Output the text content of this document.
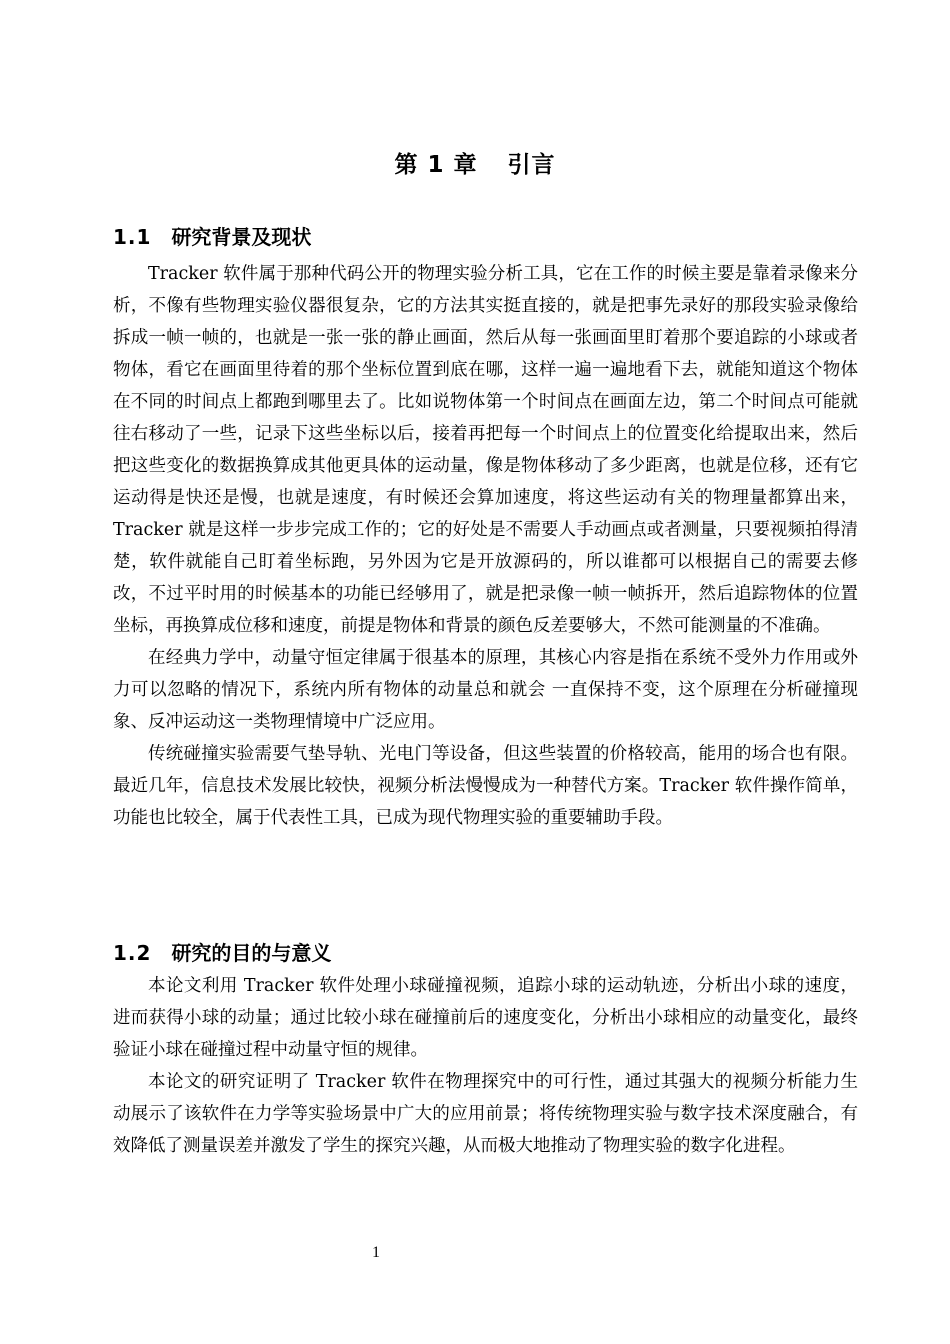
第 1 章 引言
1.1 研究背景及现状

Tracker 软件属于那种代码公开的物理实验分析工具，它在工作的时候主要是靠着录像来分析，不像有些物理实验仪器很复杂，它的方法其实挺直接的，就是把事先录好的那段实验录像给拆成一帧一帧的，也就是一张一张的静止画面，然后从每一张画面里盯着那个要追踪的小球或者物体，看它在画面里待着的那个坐标位置到底在哪，这样一遍一遍地看下去，就能知道这个物体在不同的时间点上都跑到哪里去了。比如说物体第一个时间点在画面左边，第二个时间点可能就往右移动了一些，记录下这些坐标以后，接着再把每一个时间点上的位置变化给提取出来，然后把这些变化的数据换算成其他更具体的运动量，像是物体移动了多少距离，也就是位移，还有它运动得是快还是慢，也就是速度，有时候还会算加速度，将这些运动有关的物理量都算出来，Tracker 就是这样一步步完成工作的；它的好处是不需要人手动画点或者测量，只要视频拍得清楚，软件就能自己盯着坐标跑，另外因为它是开放源码的，所以谁都可以根据自己的需要去修改，不过平时用的时候基本的功能已经够用了，就是把录像一帧一帧拆开，然后追踪物体的位置坐标，再换算成位移和速度，前提是物体和背景的颜色反差要够大，不然可能测量的不准确。

在经典力学中，动量守恒定律属于很基本的原理，其核心内容是指在系统不受外力作用或外力可以忽略的情况下，系统内所有物体的动量总和就会 一直保持不变，这个原理在分析碰撞现象、反冲运动这一类物理情境中广泛应用。

传统碰撞实验需要气垫导轨、光电门等设备，但这些装置的价格较高，能用的场合也有限。最近几年，信息技术发展比较快，视频分析法慢慢成为一种替代方案。Tracker 软件操作简单，功能也比较全，属于代表性工具，已成为现代物理实验的重要辅助手段。

1.2 研究的目的与意义

本论文利用 Tracker 软件处理小球碰撞视频，追踪小球的运动轨迹，分析出小球的速度，进而获得小球的动量；通过比较小球在碰撞前后的速度变化，分析出小球相应的动量变化，最终验证小球在碰撞过程中动量守恒的规律。

本论文的研究证明了 Tracker 软件在物理探究中的可行性，通过其强大的视频分析能力生动展示了该软件在力学等实验场景中广大的应用前景；将传统物理实验与数字技术深度融合，有效降低了测量误差并激发了学生的探究兴趣，从而极大地推动了物理实验的数字化进程。

1
